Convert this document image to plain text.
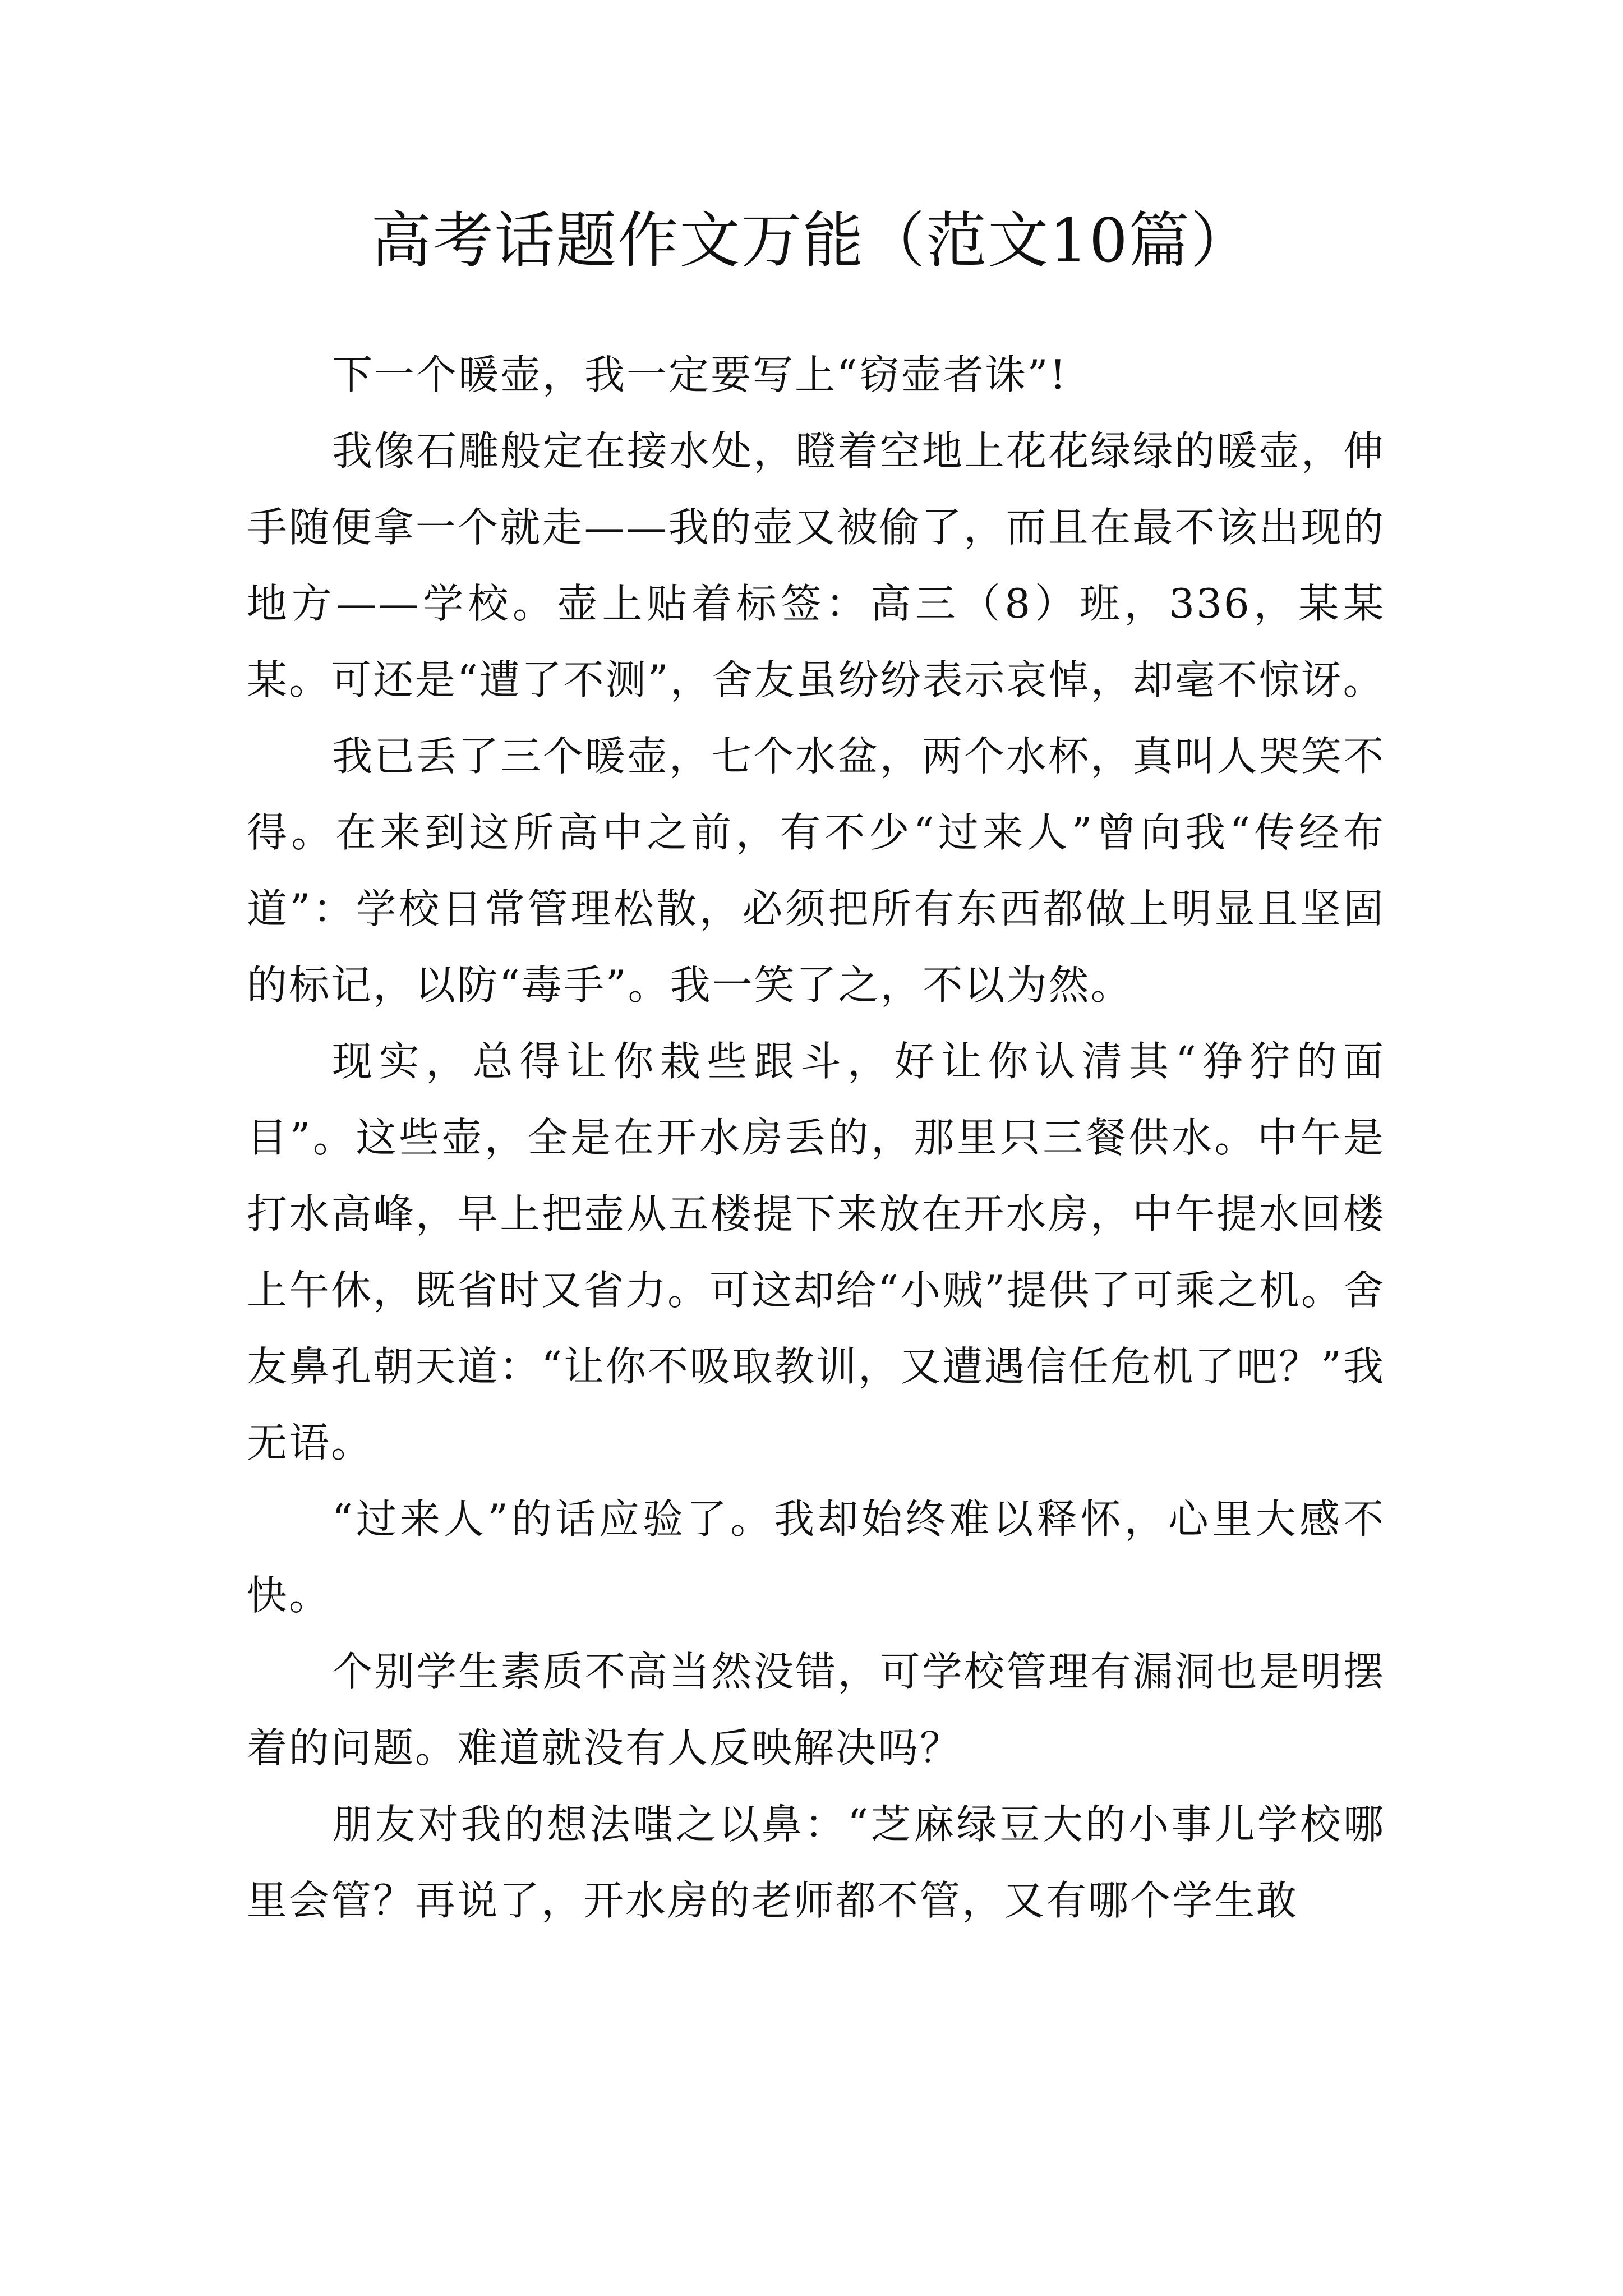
高考话题作文万能（范文10篇）

下一个暖壶，我一定要写上“窃壶者诛”!

我像石雕般定在接水处，瞪着空地上花花绿绿的暖壶，伸手随便拿一个就走——我的壶又被偷了，而且在最不该出现的地方——学校。壶上贴着标签：高三（8）班，336，某某某。可还是“遭了不测”，舍友虽纷纷表示哀悼，却毫不惊讶。

我已丢了三个暖壶，七个水盆，两个水杯，真叫人哭笑不得。在来到这所高中之前，有不少“过来人”曾向我“传经布道”：学校日常管理松散，必须把所有东西都做上明显且坚固的标记，以防“毒手”。我一笑了之，不以为然。

现实，总得让你栽些跟斗，好让你认清其“狰狞的面目”。这些壶，全是在开水房丢的，那里只三餐供水。中午是打水高峰，早上把壶从五楼提下来放在开水房，中午提水回楼上午休，既省时又省力。可这却给“小贼”提供了可乘之机。舍友鼻孔朝天道：“让你不吸取教训，又遭遇信任危机了吧？”我无语。

“过来人”的话应验了。我却始终难以释怀，心里大感不快。

个别学生素质不高当然没错，可学校管理有漏洞也是明摆着的问题。难道就没有人反映解决吗？

朋友对我的想法嗤之以鼻：“芝麻绿豆大的小事儿学校哪里会管？再说了，开水房的老师都不管，又有哪个学生敢
